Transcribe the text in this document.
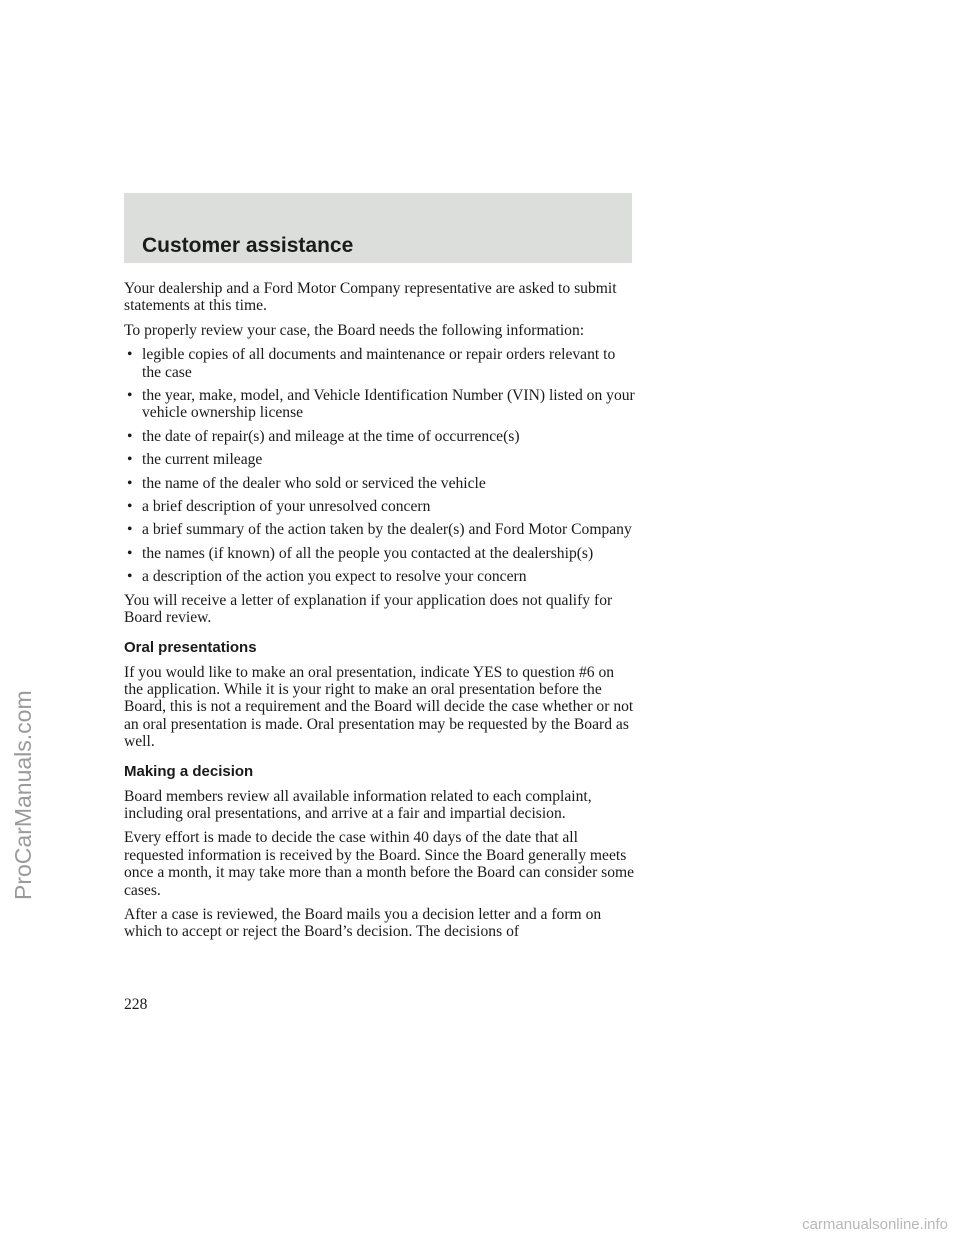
Customer assistance

Your dealership and a Ford Motor Company representative are asked to submit statements at this time.

To properly review your case, the Board needs the following information:

• legible copies of all documents and maintenance or repair orders relevant to the case
• the year, make, model, and Vehicle Identification Number (VIN) listed on your vehicle ownership license
• the date of repair(s) and mileage at the time of occurrence(s)
• the current mileage
• the name of the dealer who sold or serviced the vehicle
• a brief description of your unresolved concern
• a brief summary of the action taken by the dealer(s) and Ford Motor Company
• the names (if known) of all the people you contacted at the dealership(s)
• a description of the action you expect to resolve your concern

You will receive a letter of explanation if your application does not qualify for Board review.

Oral presentations

If you would like to make an oral presentation, indicate YES to question #6 on the application. While it is your right to make an oral presentation before the Board, this is not a requirement and the Board will decide the case whether or not an oral presentation is made. Oral presentation may be requested by the Board as well.

Making a decision

Board members review all available information related to each complaint, including oral presentations, and arrive at a fair and impartial decision.

Every effort is made to decide the case within 40 days of the date that all requested information is received by the Board. Since the Board generally meets once a month, it may take more than a month before the Board can consider some cases.

After a case is reviewed, the Board mails you a decision letter and a form on which to accept or reject the Board’s decision. The decisions of

228
ProCarManuals.com
carmanualsonline.info
